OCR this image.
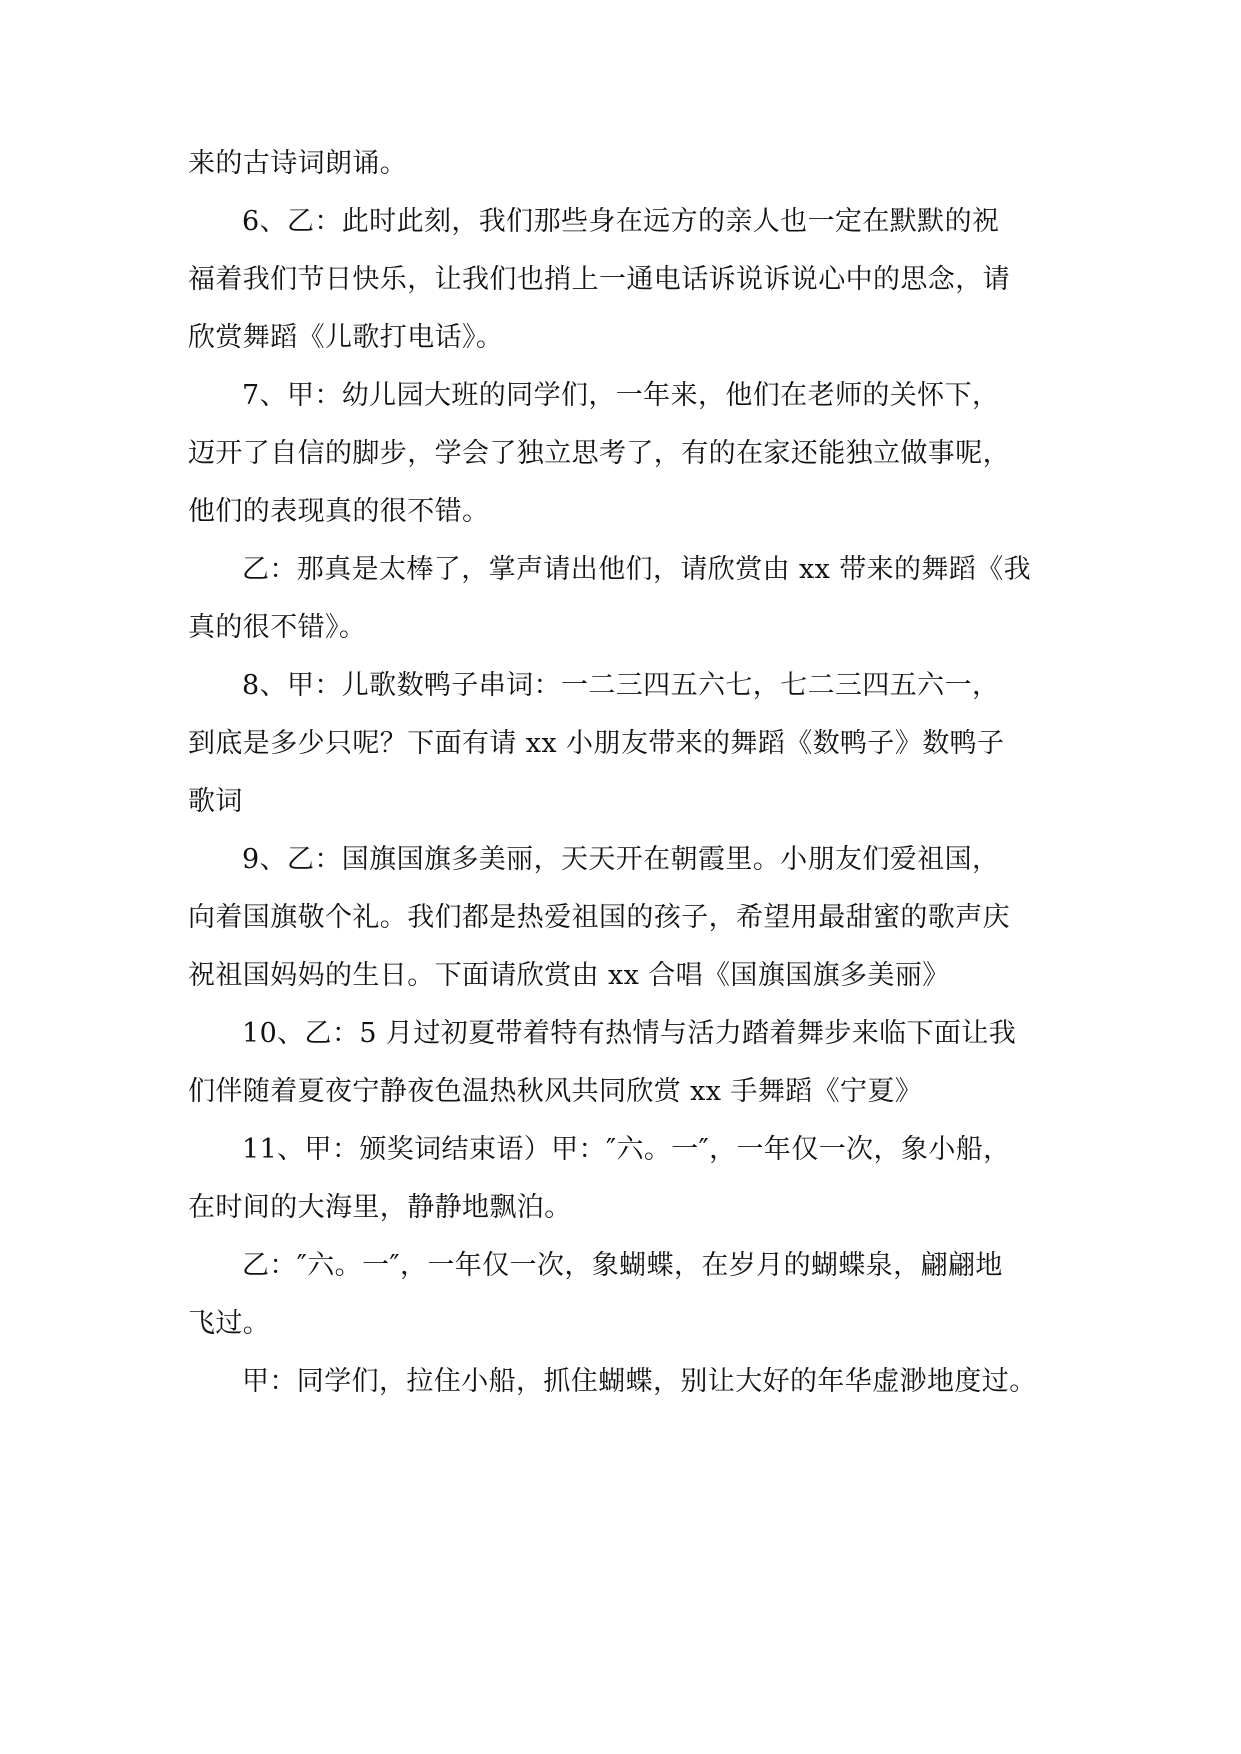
来的古诗词朗诵。
6、乙：此时此刻，我们那些身在远方的亲人也一定在默默的祝
福着我们节日快乐，让我们也捎上一通电话诉说诉说心中的思念，请
欣赏舞蹈《儿歌打电话》。
7、甲：幼儿园大班的同学们，一年来，他们在老师的关怀下，
迈开了自信的脚步，学会了独立思考了，有的在家还能独立做事呢，
他们的表现真的很不错。
乙：那真是太棒了，掌声请出他们，请欣赏由 xx 带来的舞蹈《我
真的很不错》。
8、甲：儿歌数鸭子串词：一二三四五六七，七二三四五六一，
到底是多少只呢？下面有请 xx 小朋友带来的舞蹈《数鸭子》数鸭子
歌词
9、乙：国旗国旗多美丽，天天开在朝霞里。小朋友们爱祖国，
向着国旗敬个礼。我们都是热爱祖国的孩子，希望用最甜蜜的歌声庆
祝祖国妈妈的生日。下面请欣赏由 xx 合唱《国旗国旗多美丽》
10、乙：5 月过初夏带着特有热情与活力踏着舞步来临下面让我
们伴随着夏夜宁静夜色温热秋风共同欣赏 xx 手舞蹈《宁夏》
11、甲：颁奖词结束语）甲：″六。一″，一年仅一次，象小船，
在时间的大海里，静静地飘泊。
乙：″六。一″，一年仅一次，象蝴蝶，在岁月的蝴蝶泉，翩翩地
飞过。
甲：同学们，拉住小船，抓住蝴蝶，别让大好的年华虚渺地度过。
